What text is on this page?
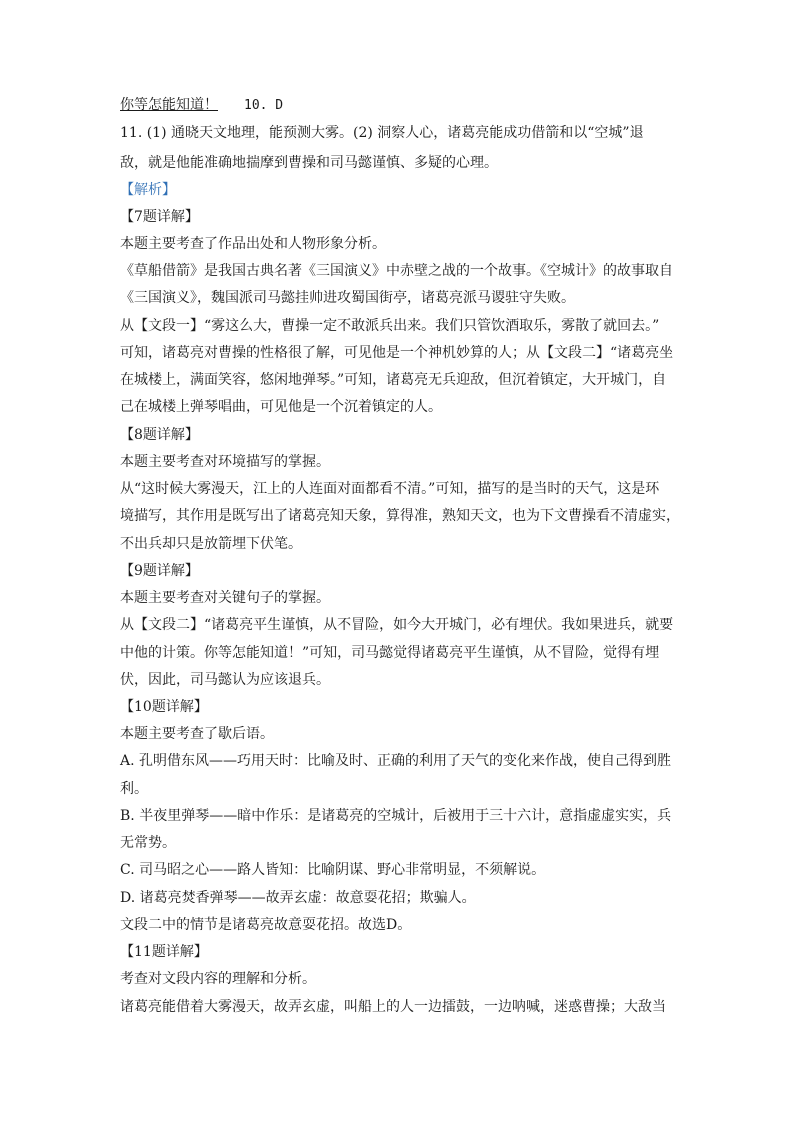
你等怎能知道！ 10. D
11. (1) 通晓天文地理，能预测大雾。(2) 洞察人心，诸葛亮能成功借箭和以“空城”退
敌，就是他能准确地揣摩到曹操和司马懿谨慎、多疑的心理。
【解析】
【7题详解】
本题主要考查了作品出处和人物形象分析。
《草船借箭》是我国古典名著《三国演义》中赤壁之战的一个故事。《空城计》的故事取自
《三国演义》，魏国派司马懿挂帅进攻蜀国街亭，诸葛亮派马谡驻守失败。
从【文段一】“雾这么大，曹操一定不敢派兵出来。我们只管饮酒取乐，雾散了就回去。”
可知，诸葛亮对曹操的性格很了解，可见他是一个神机妙算的人；从【文段二】“诸葛亮坐
在城楼上，满面笑容，悠闲地弹琴。”可知，诸葛亮无兵迎敌，但沉着镇定，大开城门，自
己在城楼上弹琴唱曲，可见他是一个沉着镇定的人。
【8题详解】
本题主要考查对环境描写的掌握。
从“这时候大雾漫天，江上的人连面对面都看不清。”可知，描写的是当时的天气，这是环
境描写，其作用是既写出了诸葛亮知天象，算得准，熟知天文，也为下文曹操看不清虚实，
不出兵却只是放箭埋下伏笔。
【9题详解】
本题主要考查对关键句子的掌握。
从【文段二】“诸葛亮平生谨慎，从不冒险，如今大开城门，必有埋伏。我如果进兵，就要
中他的计策。你等怎能知道！”可知，司马懿觉得诸葛亮平生谨慎，从不冒险，觉得有埋
伏，因此，司马懿认为应该退兵。
【10题详解】
本题主要考查了歇后语。
A. 孔明借东风——巧用天时：比喻及时、正确的利用了天气的变化来作战，使自己得到胜
利。
B. 半夜里弹琴——暗中作乐：是诸葛亮的空城计，后被用于三十六计，意指虚虚实实，兵
无常势。
C. 司马昭之心——路人皆知：比喻阴谋、野心非常明显，不须解说。
D. 诸葛亮焚香弹琴——故弄玄虚：故意耍花招；欺骗人。
文段二中的情节是诸葛亮故意耍花招。故选D。
【11题详解】
考查对文段内容的理解和分析。
诸葛亮能借着大雾漫天，故弄玄虚，叫船上的人一边擂鼓，一边呐喊，迷惑曹操；大敌当
